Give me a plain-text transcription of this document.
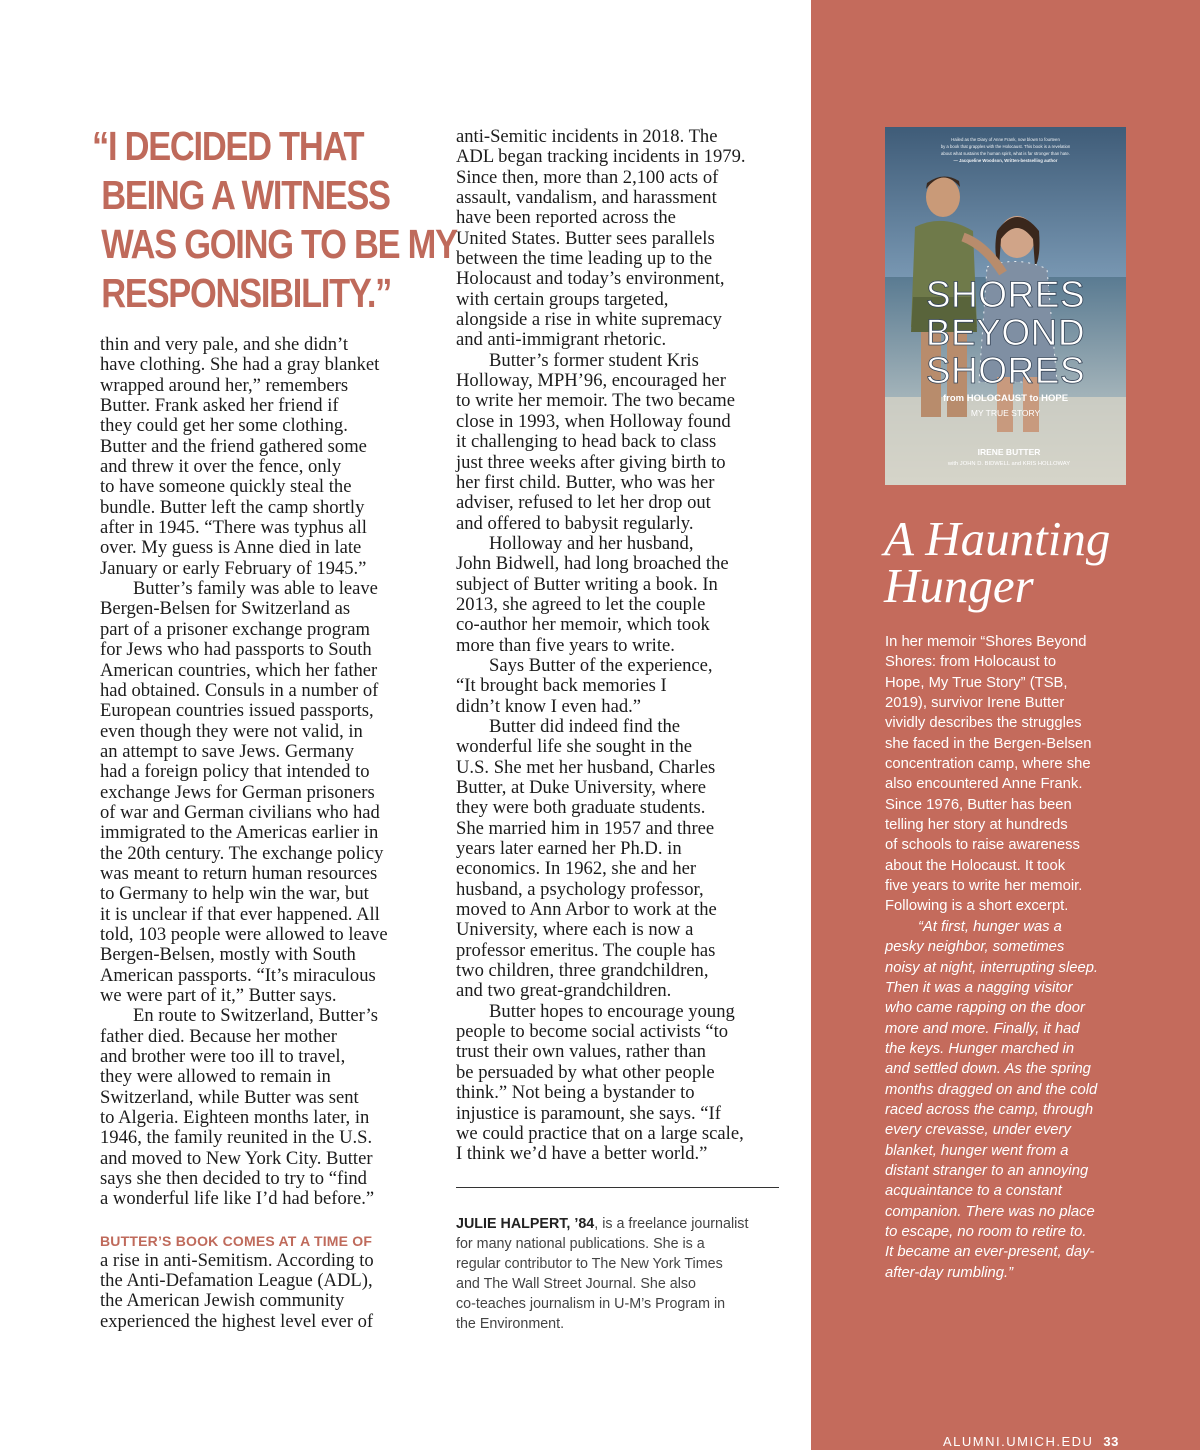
“I DECIDED THAT
BEING A WITNESS
WAS GOING TO BE MY
RESPONSIBILITY.”

thin and very pale, and she didn’t
have clothing. She had a gray blanket
wrapped around her,” remembers
Butter. Frank asked her friend if
they could get her some clothing.
Butter and the friend gathered some
and threw it over the fence, only
to have someone quickly steal the
bundle. Butter left the camp shortly
after in 1945. “There was typhus all
over. My guess is Anne died in late
January or early February of 1945.”

Butter’s family was able to leave
Bergen-Belsen for Switzerland as
part of a prisoner exchange program
for Jews who had passports to South
American countries, which her father
had obtained. Consuls in a number of
European countries issued passports,
even though they were not valid, in
an attempt to save Jews. Germany
had a foreign policy that intended to
exchange Jews for German prisoners
of war and German civilians who had
immigrated to the Americas earlier in
the 20th century. The exchange policy
was meant to return human resources
to Germany to help win the war, but
it is unclear if that ever happened. All
told, 103 people were allowed to leave
Bergen-Belsen, mostly with South
American passports. “It’s miraculous
we were part of it,” Butter says.

En route to Switzerland, Butter’s
father died. Because her mother
and brother were too ill to travel,
they were allowed to remain in
Switzerland, while Butter was sent
to Algeria. Eighteen months later, in
1946, the family reunited in the U.S.
and moved to New York City. Butter
says she then decided to try to “find
a wonderful life like I’d had before.”

BUTTER’S BOOK COMES AT A TIME OF
a rise in anti-Semitism. According to
the Anti-Defamation League (ADL),
the American Jewish community
experienced the highest level ever of

anti-Semitic incidents in 2018. The
ADL began tracking incidents in 1979.
Since then, more than 2,100 acts of
assault, vandalism, and harassment
have been reported across the
United States. Butter sees parallels
between the time leading up to the
Holocaust and today’s environment,
with certain groups targeted,
alongside a rise in white supremacy
and anti-immigrant rhetoric.

Butter’s former student Kris
Holloway, MPH’96, encouraged her
to write her memoir. The two became
close in 1993, when Holloway found
it challenging to head back to class
just three weeks after giving birth to
her first child. Butter, who was her
adviser, refused to let her drop out
and offered to babysit regularly.

Holloway and her husband,
John Bidwell, had long broached the
subject of Butter writing a book. In
2013, she agreed to let the couple
co-author her memoir, which took
more than five years to write.

Says Butter of the experience,
“It brought back memories I
didn’t know I even had.”

Butter did indeed find the
wonderful life she sought in the
U.S. She met her husband, Charles
Butter, at Duke University, where
they were both graduate students.
She married him in 1957 and three
years later earned her Ph.D. in
economics. In 1962, she and her
husband, a psychology professor,
moved to Ann Arbor to work at the
University, where each is now a
professor emeritus. The couple has
two children, three grandchildren,
and two great-grandchildren.

Butter hopes to encourage young
people to become social activists “to
trust their own values, rather than
be persuaded by what other people
think.” Not being a bystander to
injustice is paramount, she says. “If
we could practice that on a large scale,
I think we’d have a better world.”

JULIE HALPERT, ’84, is a freelance journalist
for many national publications. She is a
regular contributor to The New York Times
and The Wall Street Journal. She also
co-teaches journalism in U-M’s Program in
the Environment.
Hailed as the Diary of Anne Frank, now blown to fourteen
by a book that grapples with the Holocaust. This book is a revelation
about what sustains the human spirit, what is far stronger than hate.
— Jacqueline Woodson, Written-bestselling author
SHORES
BEYOND
SHORES
from HOLOCAUST to HOPE
MY TRUE STORY
IRENE BUTTER
with JOHN D. BIDWELL and KRIS HOLLOWAY
A Haunting
Hunger
In her memoir “Shores Beyond
Shores: from Holocaust to
Hope, My True Story” (TSB,
2019), survivor Irene Butter
vividly describes the struggles
she faced in the Bergen-Belsen
concentration camp, where she
also encountered Anne Frank.
Since 1976, Butter has been
telling her story at hundreds
of schools to raise awareness
about the Holocaust. It took
five years to write her memoir.
Following is a short excerpt.
“At first, hunger was a
pesky neighbor, sometimes
noisy at night, interrupting sleep.
Then it was a nagging visitor
who came rapping on the door
more and more. Finally, it had
the keys. Hunger marched in
and settled down. As the spring
months dragged on and the cold
raced across the camp, through
every crevasse, under every
blanket, hunger went from a
distant stranger to an annoying
acquaintance to a constant
companion. There was no place
to escape, no room to retire to.
It became an ever-present, day-
after-day rumbling.”
ALUMNI.UMICH.EDU 33
